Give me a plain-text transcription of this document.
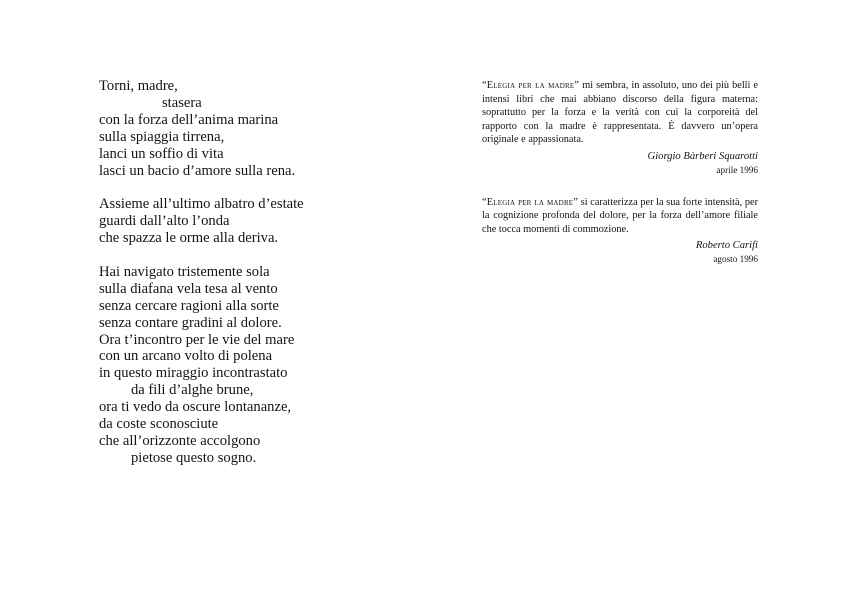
Torni, madre,
stasera
con la forza dell’anima marina
sulla spiaggia tirrena,
lanci un soffio di vita
lasci un bacio d’amore sulla rena.
Assieme all’ultimo albatro d’estate
guardi dall’alto l’onda
che spazza le orme alla deriva.
Hai navigato tristemente sola
sulla diafana vela tesa al vento
senza cercare ragioni alla sorte
senza contare gradini al dolore.
Ora t’incontro per le vie del mare
con un arcano volto di polena
in questo miraggio incontrastato
da fili d’alghe brune,
ora ti vedo da oscure lontananze,
da coste sconosciute
che all’orizzonte accolgono
pietose questo sogno.
“Elegia per la madre” mi sembra, in assoluto, uno dei più belli e intensi libri che mai abbiano discorso della figura materna: soprattutto per la forza e la verità con cui la corporeità del rapporto con la madre è rappresentata. È davvero un’opera originale e appassionata.
Giorgio Bàrberi Squarotti
aprile 1996
“Elegia per la madre” si caratterizza per la sua forte intensità, per la cognizione profonda del dolore, per la forza dell’amore filiale che tocca momenti di commozione.
Roberto Carifi
agosto 1996
